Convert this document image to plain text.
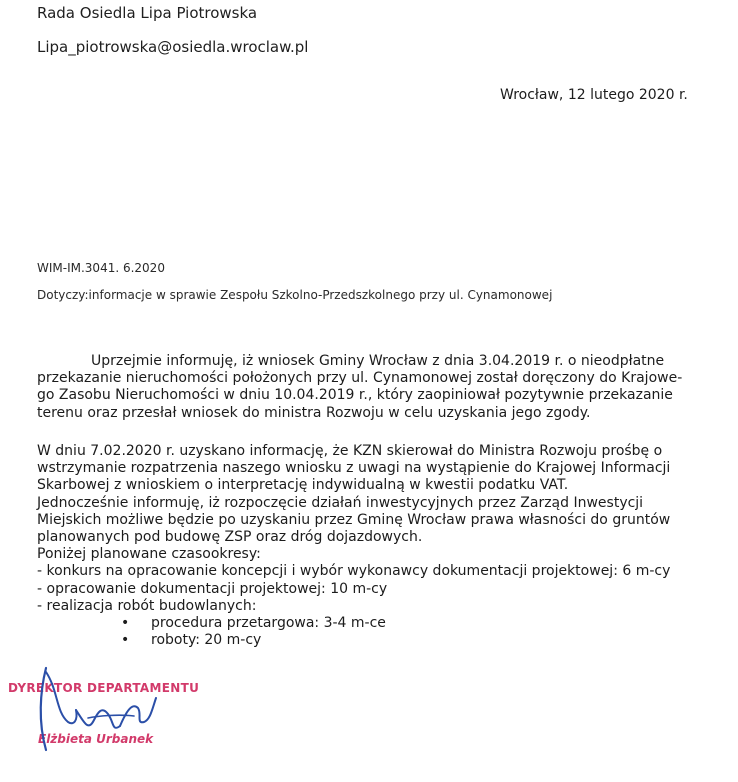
Rada Osiedla Lipa Piotrowska
Lipa_piotrowska@osiedla.wroclaw.pl
Wrocław, 12 lutego 2020 r.
WIM-IM.3041. 6.2020
Dotyczy:informacje w sprawie Zespołu Szkolno-Przedszkolnego przy ul. Cynamonowej
Uprzejmie informuję, iż wniosek Gminy Wrocław z dnia 3.04.2019 r. o nieodpłatne
przekazanie nieruchomości położonych przy ul. Cynamonowej został doręczony do Krajowe-
go Zasobu Nieruchomości w dniu 10.04.2019 r., który zaopiniował pozytywnie przekazanie
terenu oraz przesłał wniosek do ministra Rozwoju w celu uzyskania jego zgody.
W dniu 7.02.2020 r. uzyskano informację, że KZN skierował do Ministra Rozwoju prośbę o
wstrzymanie rozpatrzenia naszego wniosku z uwagi na wystąpienie do Krajowej Informacji
Skarbowej z wnioskiem o interpretację indywidualną w kwestii podatku VAT.
Jednocześnie informuję, iż rozpoczęcie działań inwestycyjnych przez Zarząd Inwestycji
Miejskich możliwe będzie po uzyskaniu przez Gminę Wrocław prawa własności do gruntów
planowanych pod budowę ZSP oraz dróg dojazdowych.
Poniżej planowane czasookresy:
- konkurs na opracowanie koncepcji i wybór wykonawcy dokumentacji projektowej: 6 m-cy
- opracowanie dokumentacji projektowej: 10 m-cy
- realizacja robót budowlanych:
• procedura przetargowa: 3-4 m-ce
• roboty: 20 m-cy
DYREKTOR DEPARTAMENTU
Elżbieta Urbanek
